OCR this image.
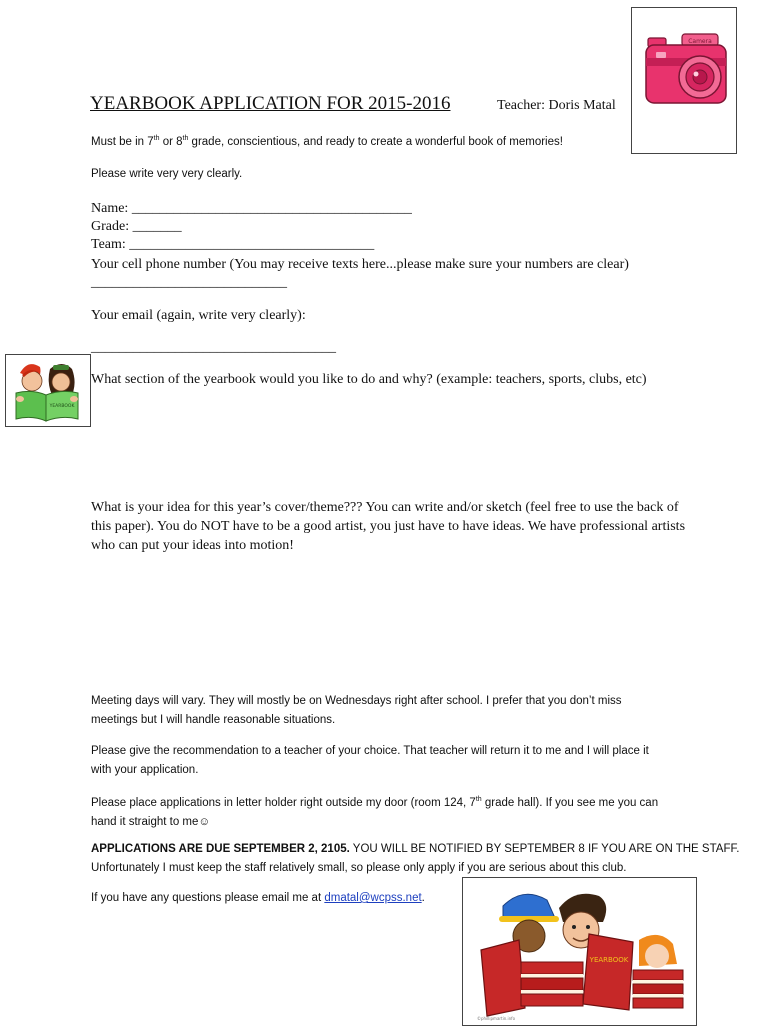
YEARBOOK APPLICATION FOR 2015-2016	Teacher: Doris Matal
Camera
Must be in 7th or 8th grade, conscientious, and ready to create a wonderful book of memories!
Please write very very clearly.
Name: ________________________________________
Grade: _______
Team: ___________________________________
Your cell phone number (You may receive texts here...please make sure your numbers are clear)
____________________________
Your email (again, write very clearly):
___________________________________
YEARBOOK
What section of the yearbook would you like to do and why? (example: teachers, sports, clubs, etc)
What is your idea for this year’s cover/theme??? You can write and/or sketch (feel free to use the back of this paper). You do NOT have to be a good artist, you just have to have ideas. We have professional artists who can put your ideas into motion!
Meeting days will vary. They will mostly be on Wednesdays right after school. I prefer that you don’t miss meetings but I will handle reasonable situations.
Please give the recommendation to a teacher of your choice. That teacher will return it to me and I will place it with your application.
Please place applications in letter holder right outside my door (room 124, 7th grade hall). If you see me you can hand it straight to me☺
APPLICATIONS ARE DUE SEPTEMBER 2, 2105. YOU WILL BE NOTIFIED BY SEPTEMBER 8 IF YOU ARE ON THE STAFF.
Unfortunately I must keep the staff relatively small, so please only apply if you are serious about this club.
If you have any questions please email me at dmatal@wcpss.net.
YEARBOOK
©phillipmartin.info
